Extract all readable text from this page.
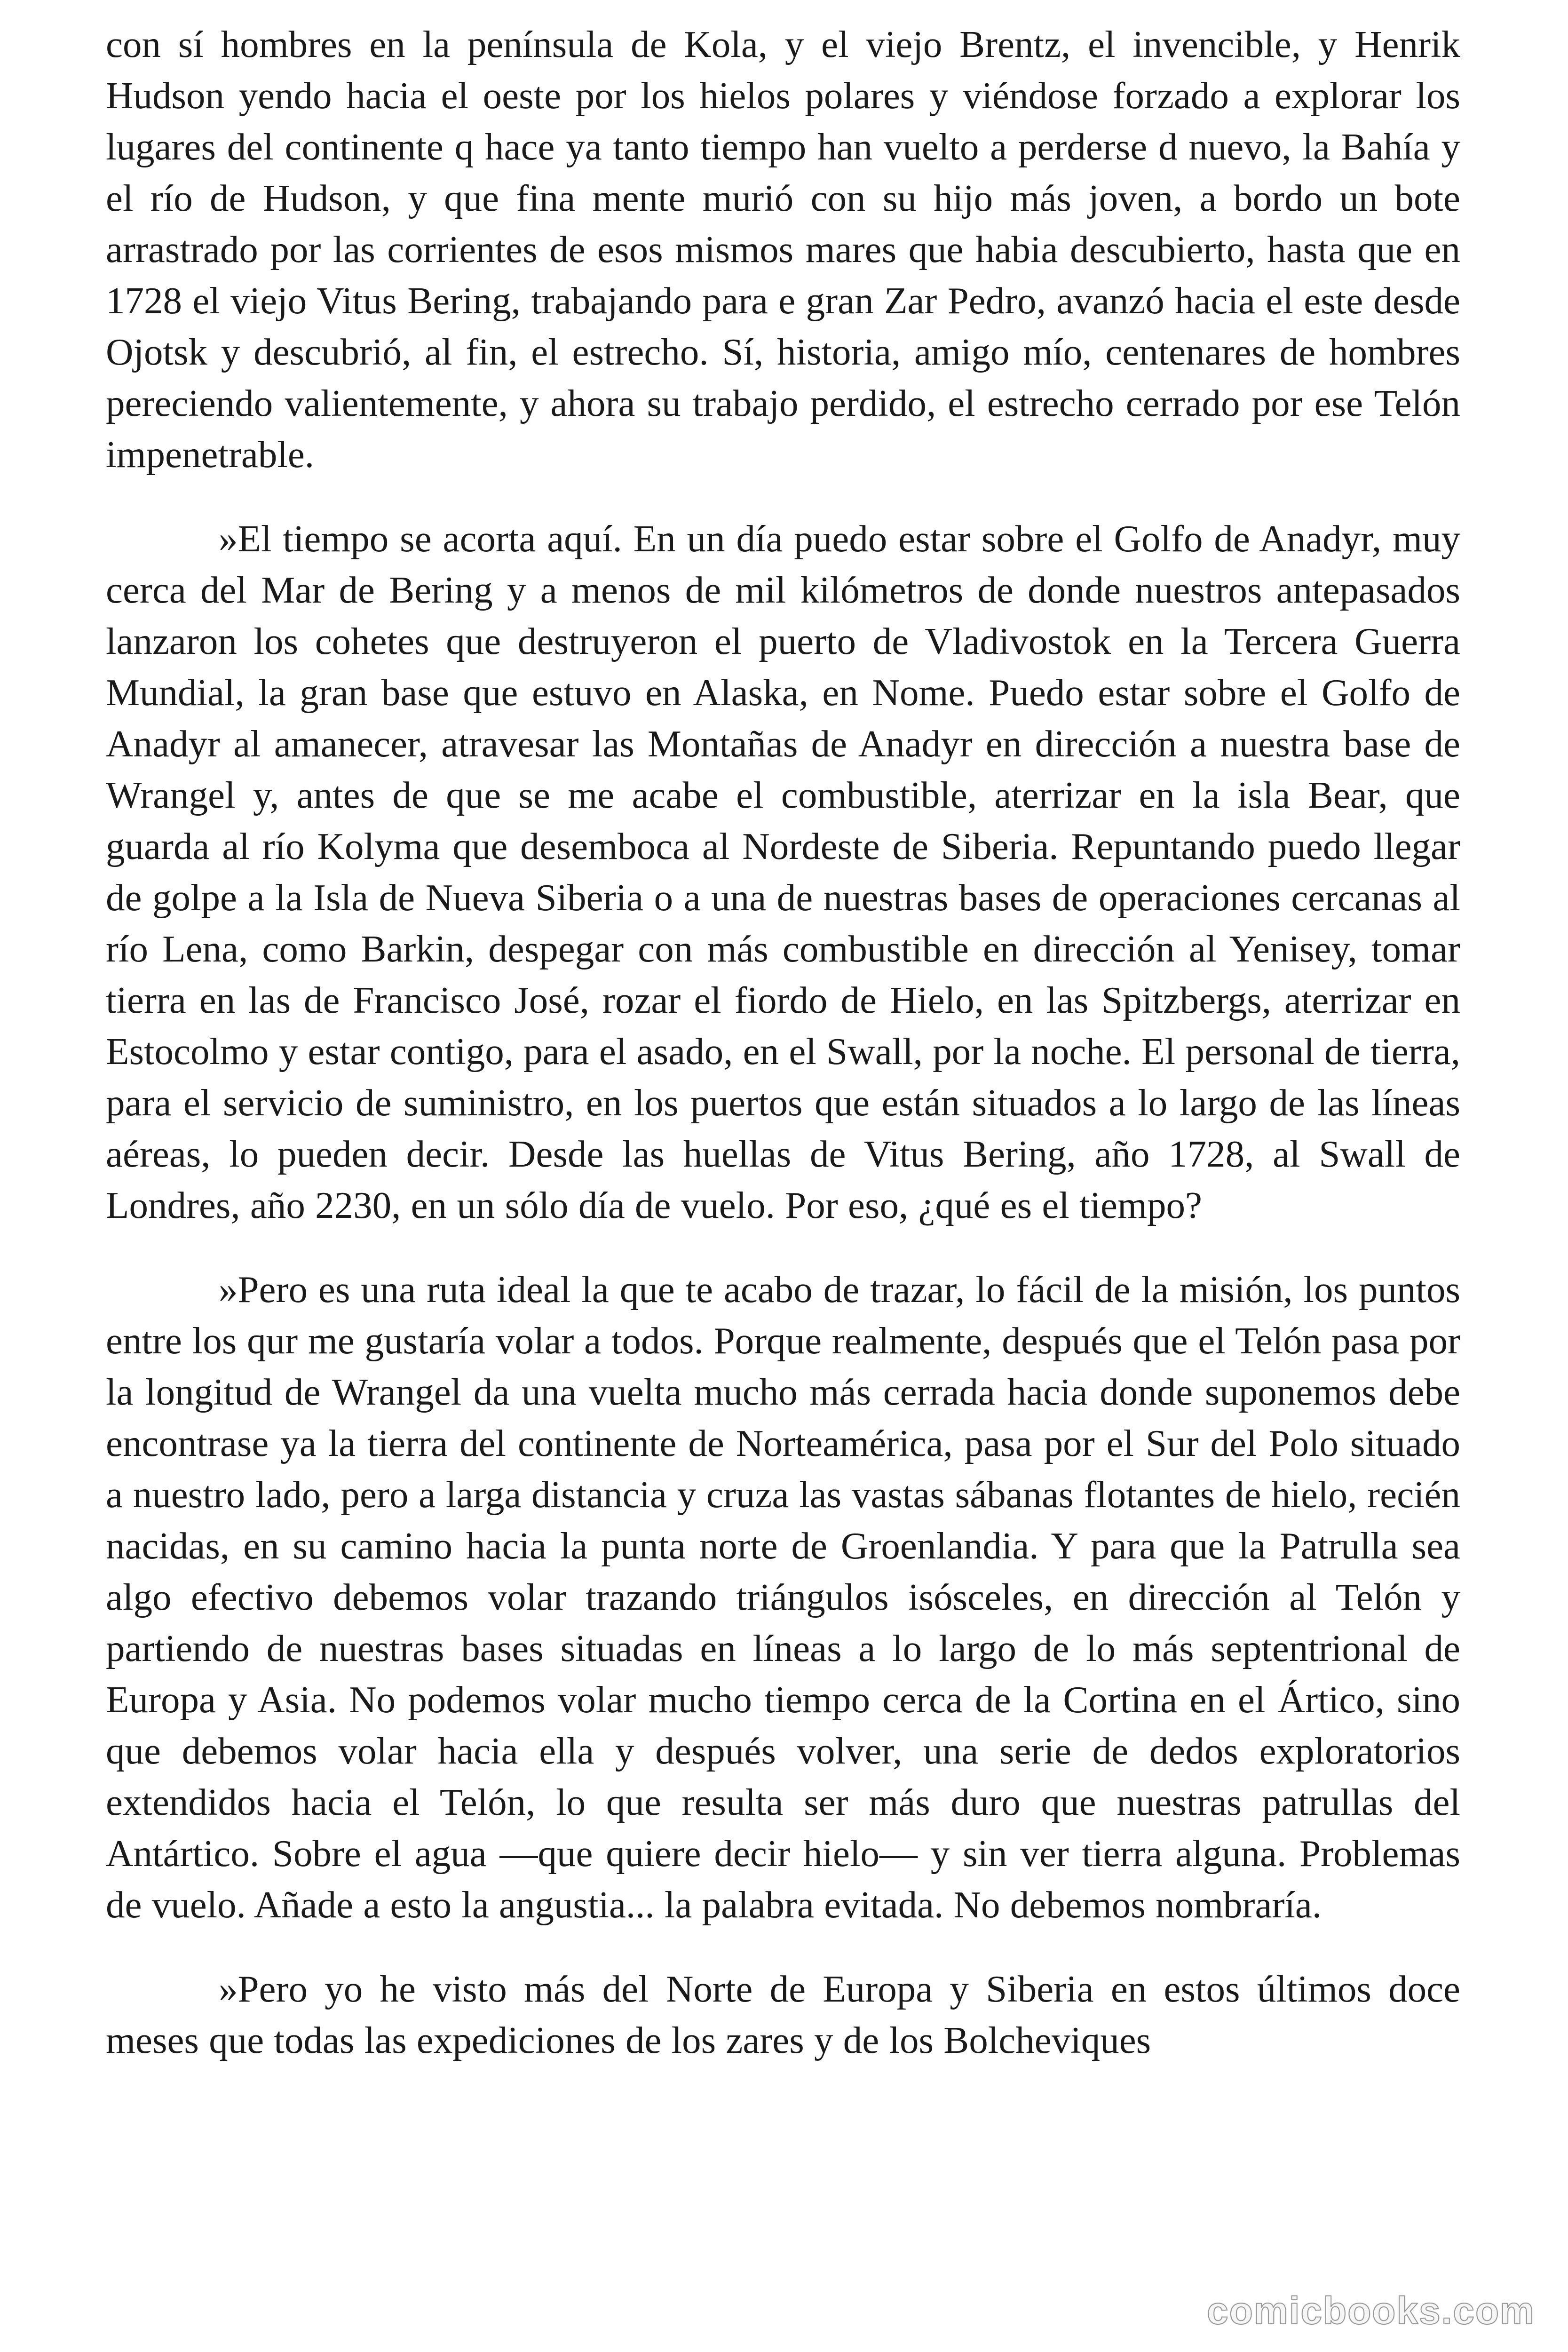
con sí hombres en la península de Kola, y el viejo Brentz, el invencible, y Henrik Hudson yendo hacia el oeste por los hielos polares y viéndose forzado a explorar los lugares del continente q hace ya tanto tiempo han vuelto a perderse d nuevo, la Bahía y el río de Hudson, y que fina mente murió con su hijo más joven, a bordo un bote arrastrado por las corrientes de esos mismos mares que habia descubierto, hasta que en 1728 el viejo Vitus Bering, trabajando para e gran Zar Pedro, avanzó hacia el este desde Ojotsk y descubrió, al fin, el estrecho. Sí, historia, amigo mío, centenares de hombres pereciendo valientemente, y ahora su trabajo perdido, el estrecho cerrado por ese Telón impenetrable.

»El tiempo se acorta aquí. En un día puedo estar sobre el Golfo de Anadyr, muy cerca del Mar de Bering y a menos de mil kilómetros de donde nuestros antepasados lanzaron los cohetes que destruyeron el puerto de Vladivostok en la Tercera Guerra Mundial, la gran base que estuvo en Alaska, en Nome. Puedo estar sobre el Golfo de Anadyr al amanecer, atravesar las Montañas de Anadyr en dirección a nuestra base de Wrangel y, antes de que se me acabe el combustible, aterrizar en la isla Bear, que guarda al río Kolyma que desemboca al Nordeste de Siberia. Repuntando puedo llegar de golpe a la Isla de Nueva Siberia o a una de nuestras bases de operaciones cercanas al río Lena, como Barkin, despegar con más combustible en dirección al Yenisey, tomar tierra en las de Francisco José, rozar el fiordo de Hielo, en las Spitzbergs, aterrizar en Estocolmo y estar contigo, para el asado, en el Swall, por la noche. El personal de tierra, para el servicio de suministro, en los puertos que están situados a lo largo de las líneas aéreas, lo pueden decir. Desde las huellas de Vitus Bering, año 1728, al Swall de Londres, año 2230, en un sólo día de vuelo. Por eso, ¿qué es el tiempo?

»Pero es una ruta ideal la que te acabo de trazar, lo fácil de la misión, los puntos entre los qur me gustaría volar a todos. Porque realmente, después que el Telón pasa por la longitud de Wrangel da una vuelta mucho más cerrada hacia donde suponemos debe encontrase ya la tierra del continente de Norteamérica, pasa por el Sur del Polo situado a nuestro lado, pero a larga distancia y cruza las vastas sábanas flotantes de hielo, recién nacidas, en su camino hacia la punta norte de Groenlandia. Y para que la Patrulla sea algo efectivo debemos volar trazando triángulos isósceles, en dirección al Telón y partiendo de nuestras bases situadas en líneas a lo largo de lo más septentrional de Europa y Asia. No podemos volar mucho tiempo cerca de la Cortina en el Ártico, sino que debemos volar hacia ella y después volver, una serie de dedos exploratorios extendidos hacia el Telón, lo que resulta ser más duro que nuestras patrullas del Antártico. Sobre el agua —que quiere decir hielo— y sin ver tierra alguna. Problemas de vuelo. Añade a esto la angustia... la palabra evitada. No debemos nombraría.

»Pero yo he visto más del Norte de Europa y Siberia en estos últimos doce meses que todas las expediciones de los zares y de los Bolcheviques

comicbooks.com
